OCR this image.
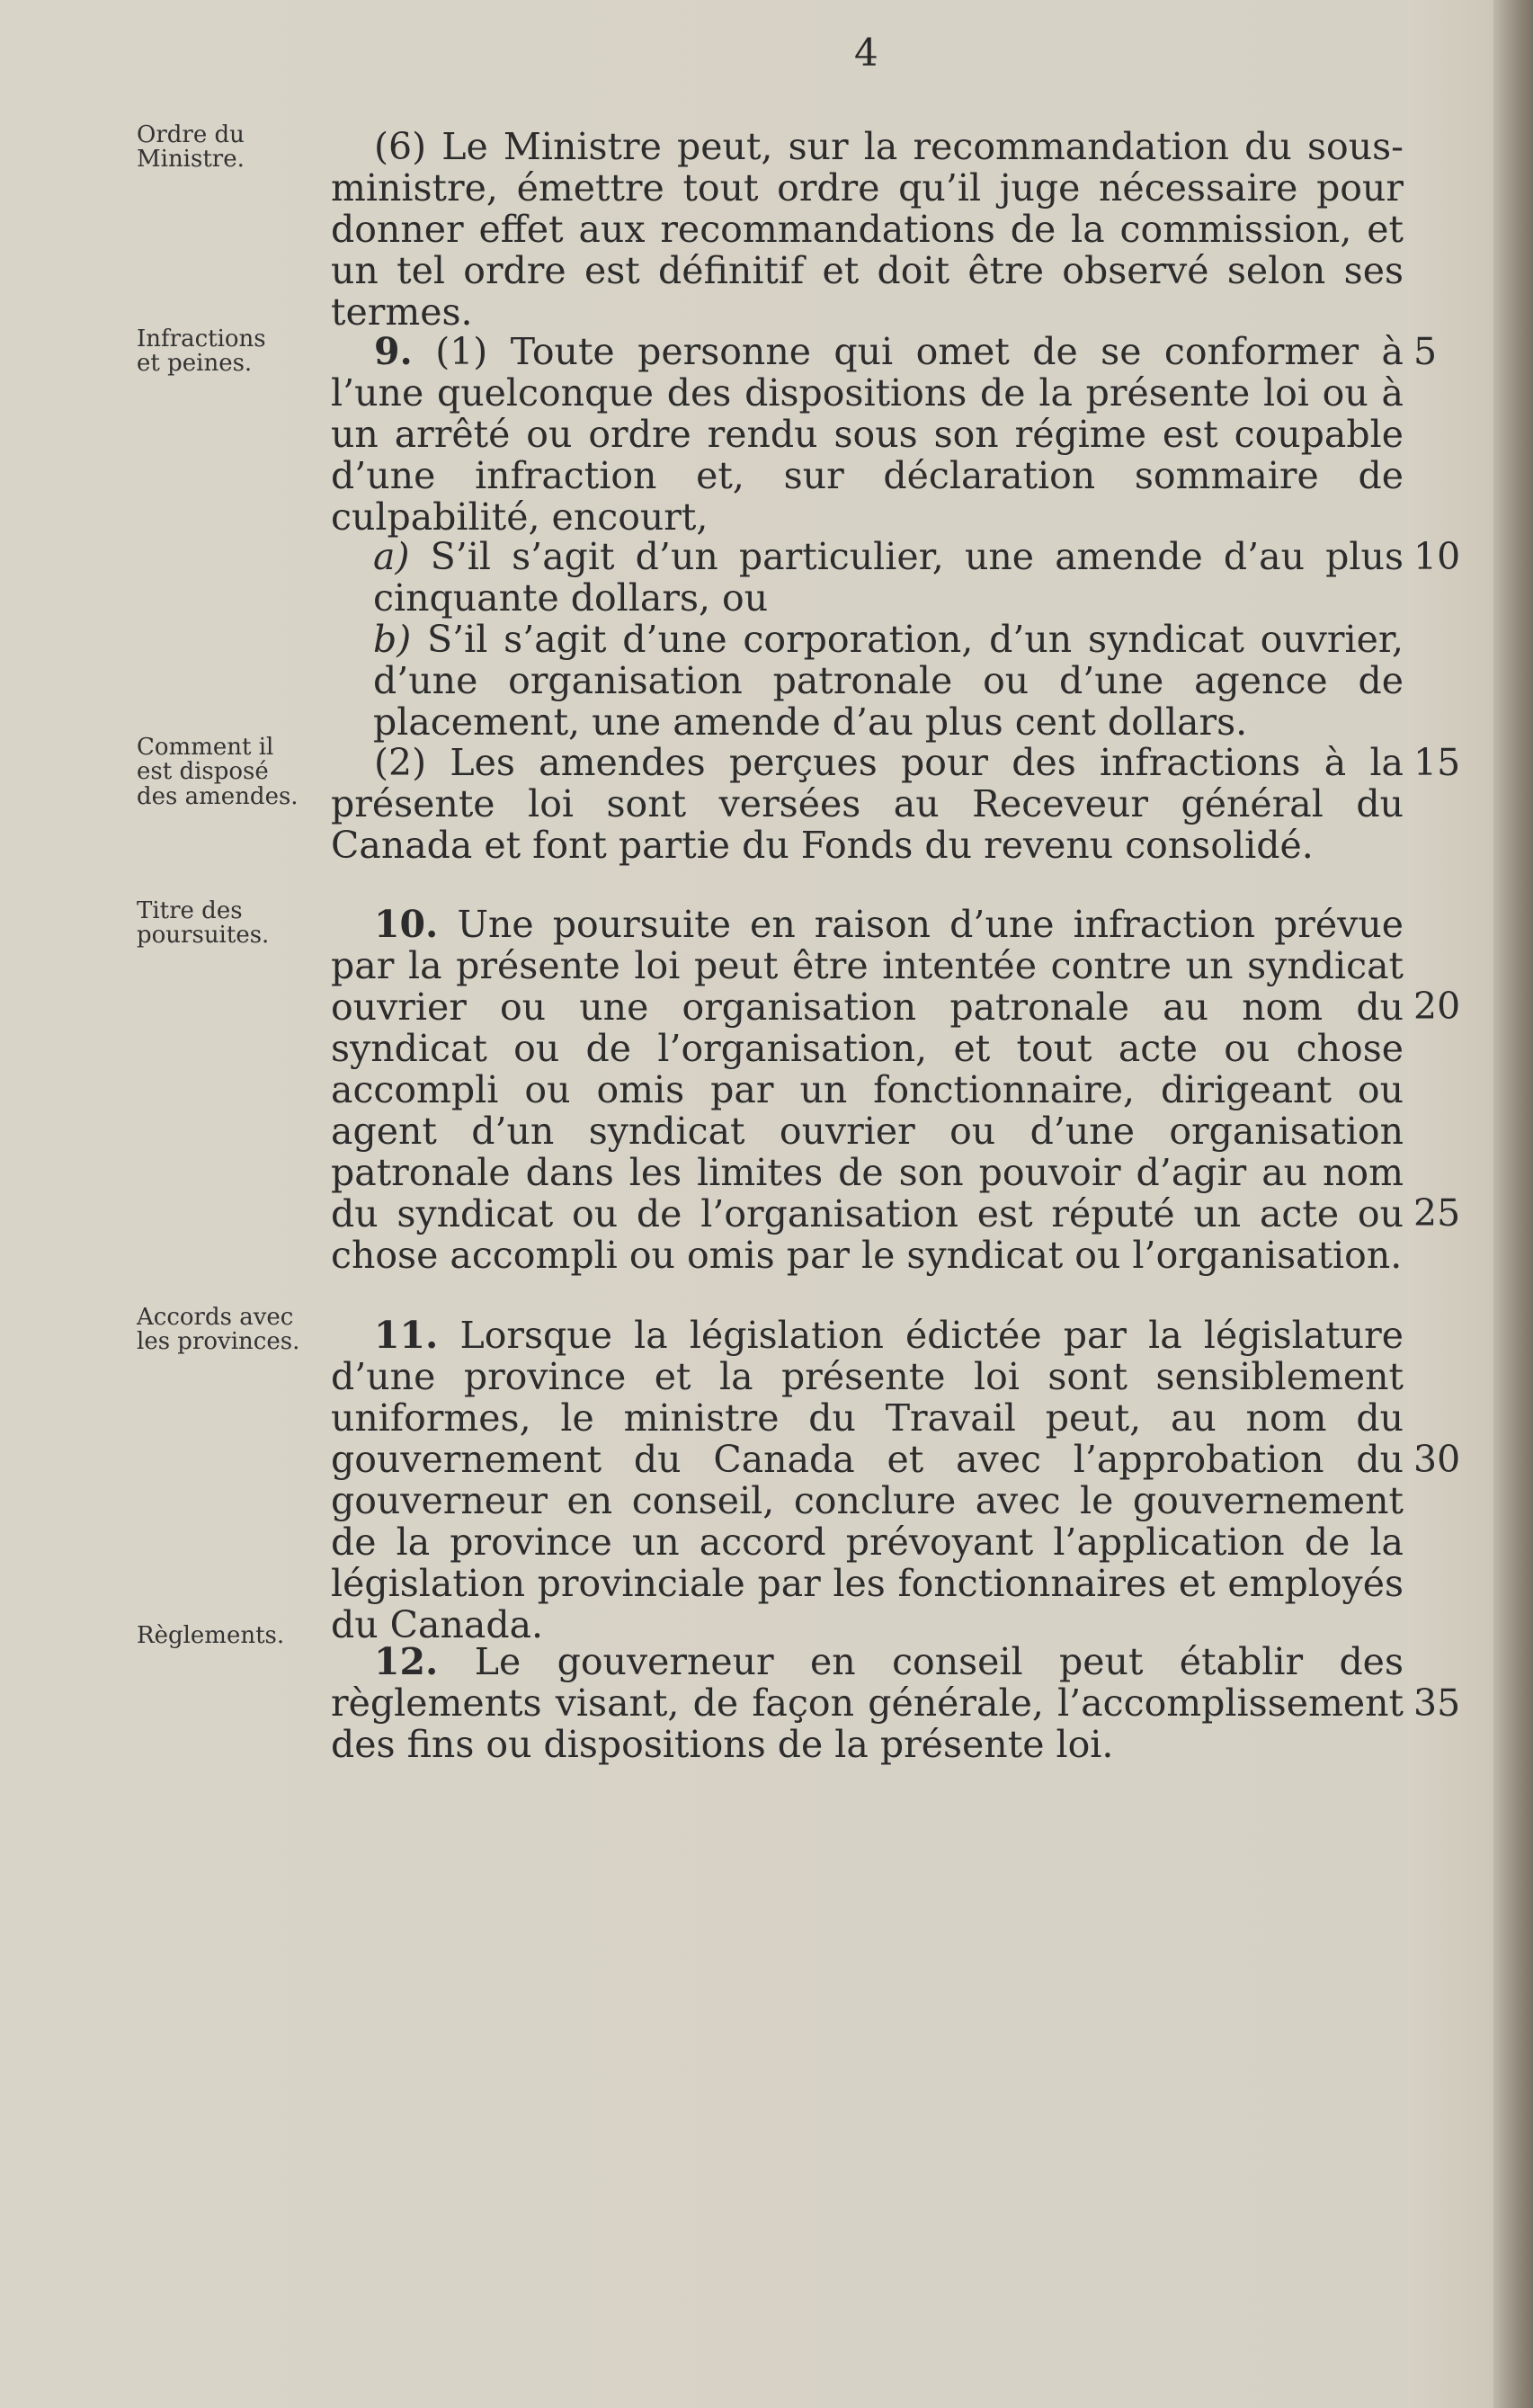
4
Ordre du
Ministre.
Infractions
et peines.
Comment il
est disposé
des amendes.
Titre des
poursuites.
Accords avec
les provinces.
Règlements.
(6) Le Ministre peut, sur la recommandation du sous-ministre, émettre tout ordre qu’il juge nécessaire pour donner effet aux recommandations de la commission, et un tel ordre est définitif et doit être observé selon ses termes.
9. (1) Toute personne qui omet de se conformer à l’une quelconque des dispositions de la présente loi ou à un arrêté ou ordre rendu sous son régime est coupable d’une infraction et, sur déclaration sommaire de culpabilité, encourt,
a) S’il s’agit d’un particulier, une amende d’au plus cinquante dollars, ou
b) S’il s’agit d’une corporation, d’un syndicat ouvrier, d’une organisation patronale ou d’une agence de placement, une amende d’au plus cent dollars.
(2) Les amendes perçues pour des infractions à la présente loi sont versées au Receveur général du Canada et font partie du Fonds du revenu consolidé.
10. Une poursuite en raison d’une infraction prévue par la présente loi peut être intentée contre un syndicat ouvrier ou une organisation patronale au nom du syndicat ou de l’organisation, et tout acte ou chose accompli ou omis par un fonctionnaire, dirigeant ou agent d’un syndicat ouvrier ou d’une organisation patronale dans les limites de son pouvoir d’agir au nom du syndicat ou de l’organisation est réputé un acte ou chose accompli ou omis par le syndicat ou l’organisation.
11. Lorsque la législation édictée par la législature d’une province et la présente loi sont sensiblement uniformes, le ministre du Travail peut, au nom du gouvernement du Canada et avec l’approbation du gouverneur en conseil, conclure avec le gouvernement de la province un accord prévoyant l’application de la législation provinciale par les fonctionnaires et employés du Canada.
12. Le gouverneur en conseil peut établir des règlements visant, de façon générale, l’accomplissement des fins ou dispositions de la présente loi.
5
10
15
20
25
30
35
